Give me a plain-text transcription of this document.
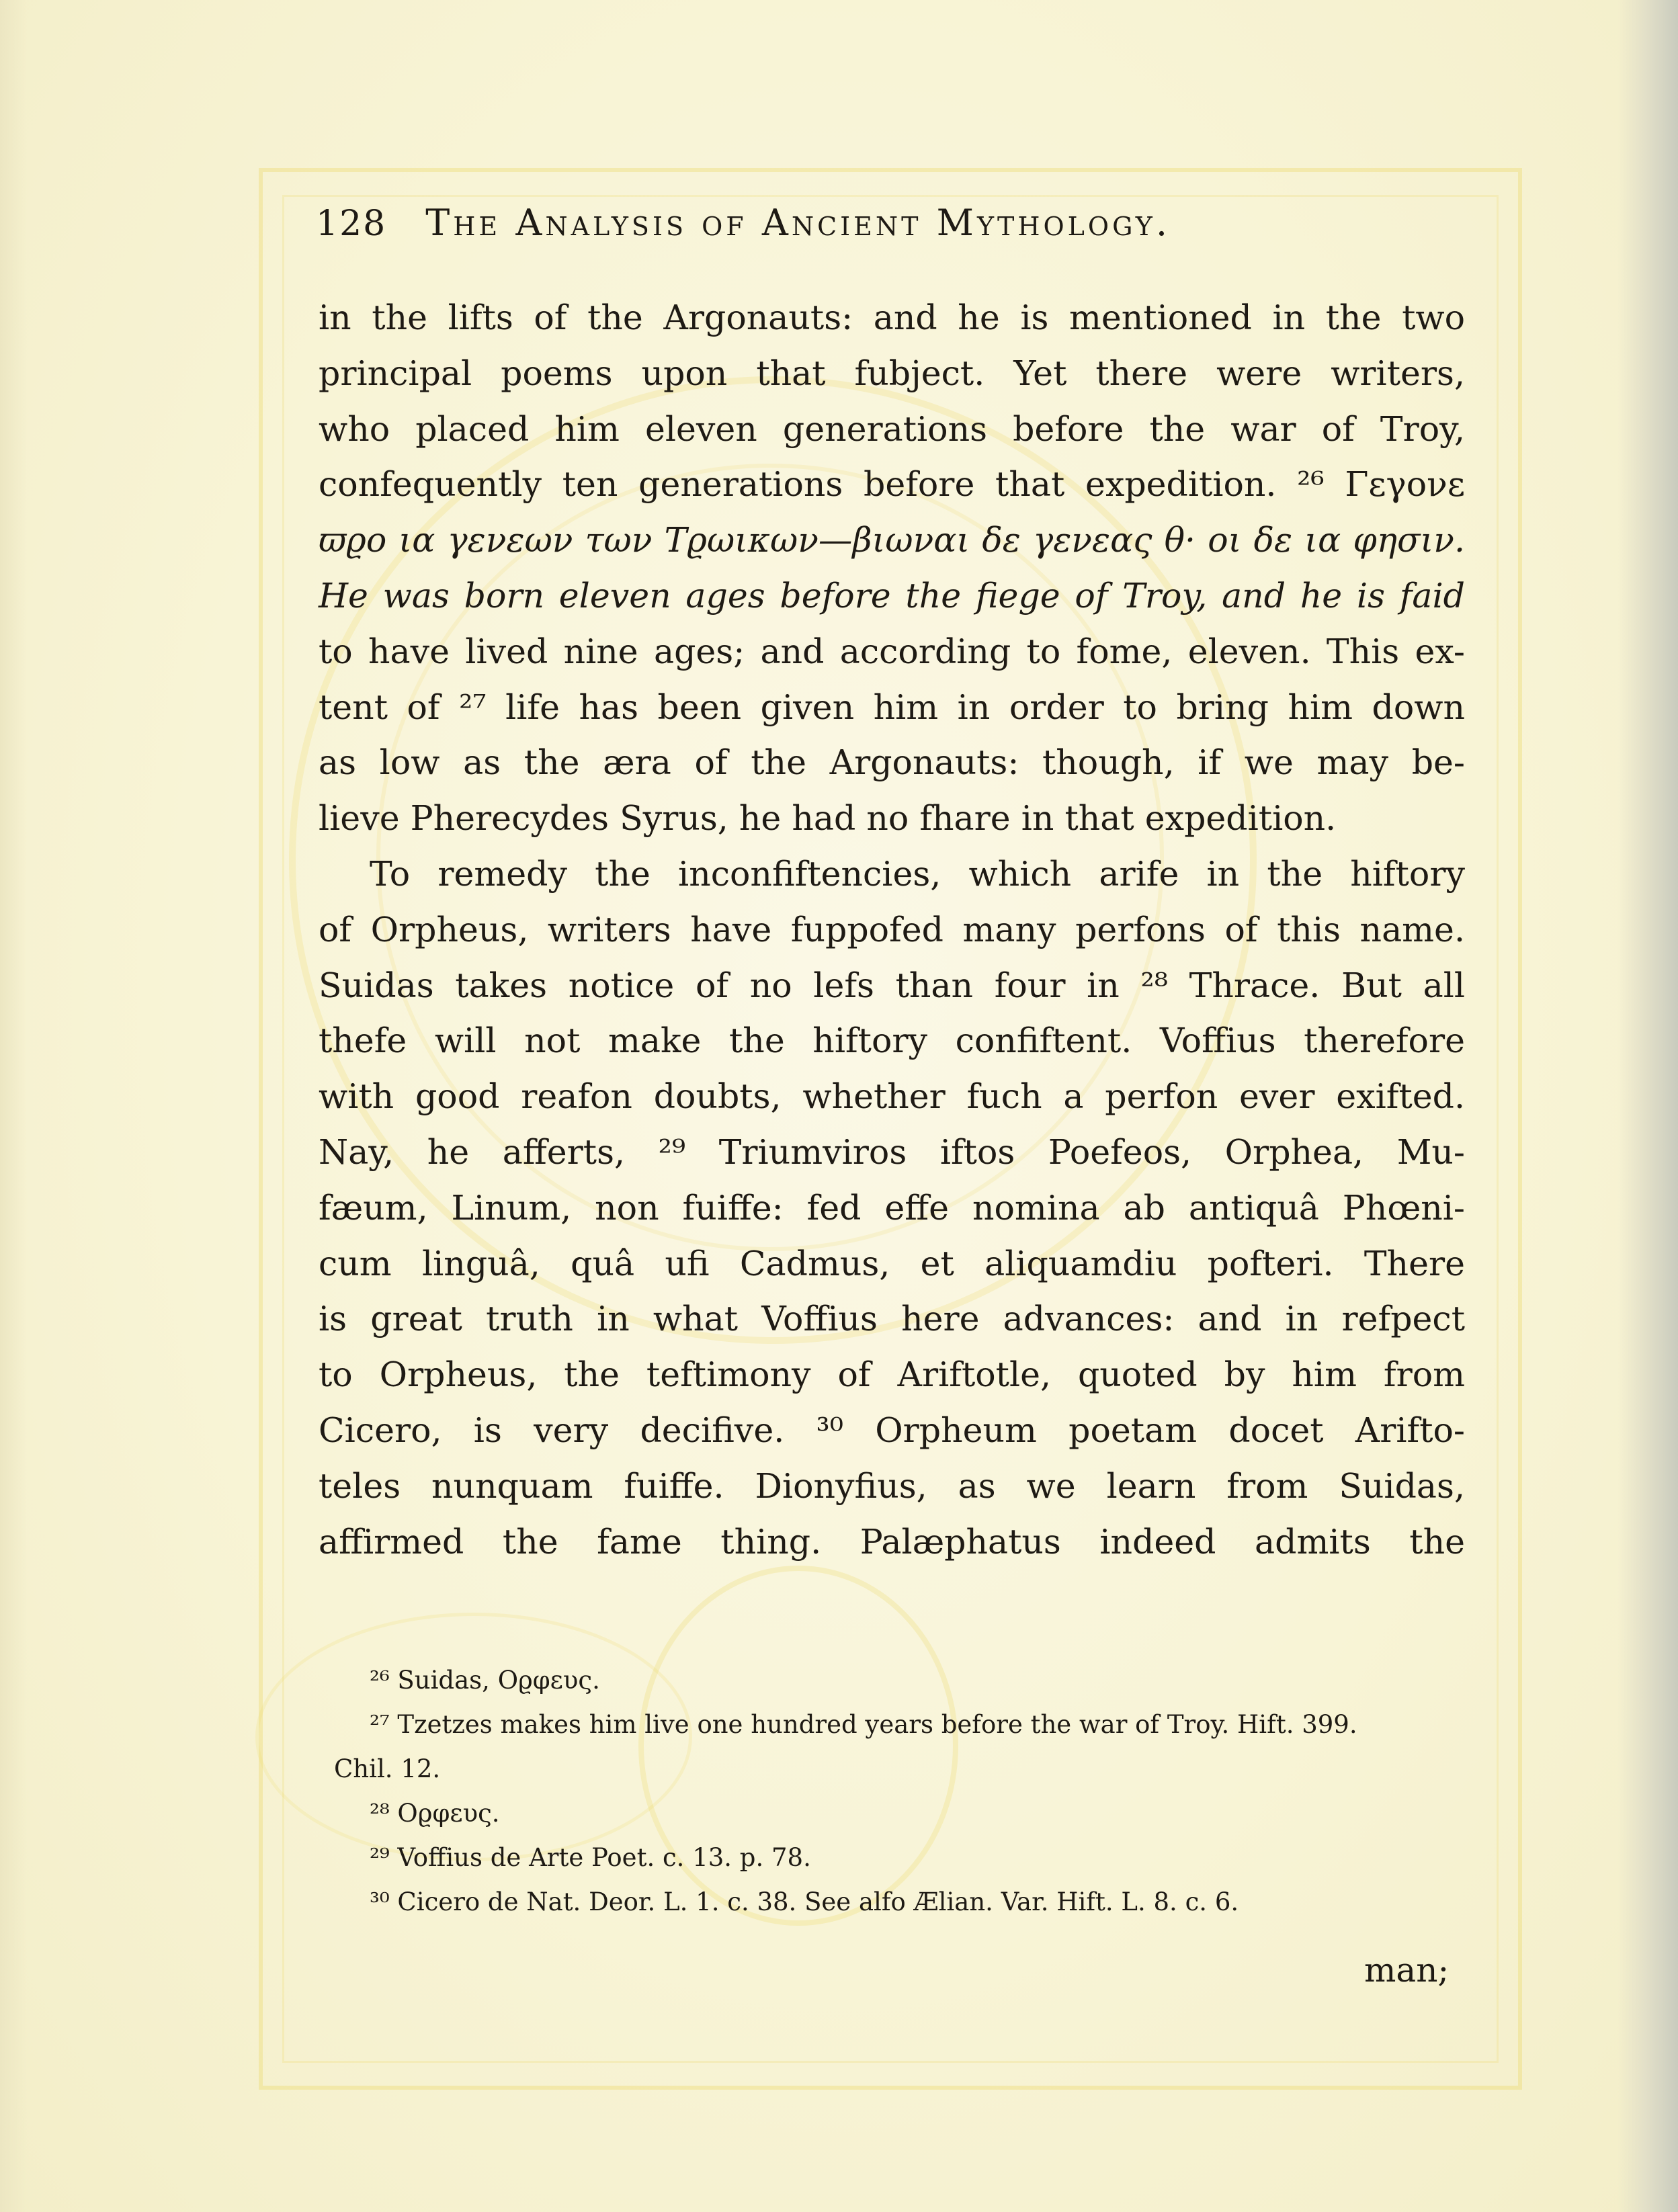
128 The Analysis of Ancient Mythology.
in the lifts of the Argonauts: and he is mentioned in the two
principal poems upon that fubject. Yet there were writers,
who placed him eleven generations before the war of Troy,
confequently ten generations before that expedition. ²⁶ Γεγονε
ϖϱο ια γενεων των Τϱωικων—βιωναι δε γενεας θ· οι δε ια φησιν.
He was born eleven ages before the fiege of Troy, and he is faid
to have lived nine ages; and according to fome, eleven. This ex-
tent of ²⁷ life has been given him in order to bring him down
as low as the æra of the Argonauts: though, if we may be-
lieve Pherecydes Syrus, he had no fhare in that expedition.
To remedy the inconfiftencies, which arife in the hiftory
of Orpheus, writers have fuppofed many perfons of this name.
Suidas takes notice of no lefs than four in ²⁸ Thrace. But all
thefe will not make the hiftory confiftent. Voffius therefore
with good reafon doubts, whether fuch a perfon ever exifted.
Nay, he afferts, ²⁹ Triumviros iftos Poefeos, Orphea, Mu-
fæum, Linum, non fuiffe: fed effe nomina ab antiquâ Phœni-
cum linguâ, quâ ufi Cadmus, et aliquamdiu pofteri. There
is great truth in what Voffius here advances: and in refpect
to Orpheus, the teftimony of Ariftotle, quoted by him from
Cicero, is very decifive. ³⁰ Orpheum poetam docet Arifto-
teles nunquam fuiffe. Dionyfius, as we learn from Suidas,
affirmed the fame thing. Palæphatus indeed admits the
²⁶ Suidas, Οϱφευς.
²⁷ Tzetzes makes him live one hundred years before the war of Troy. Hift. 399.
Chil. 12.
²⁸ Οϱφευς.
²⁹ Voffius de Arte Poet. c. 13. p. 78.
³⁰ Cicero de Nat. Deor. L. 1. c. 38. See alfo Ælian. Var. Hift. L. 8. c. 6.
man;
